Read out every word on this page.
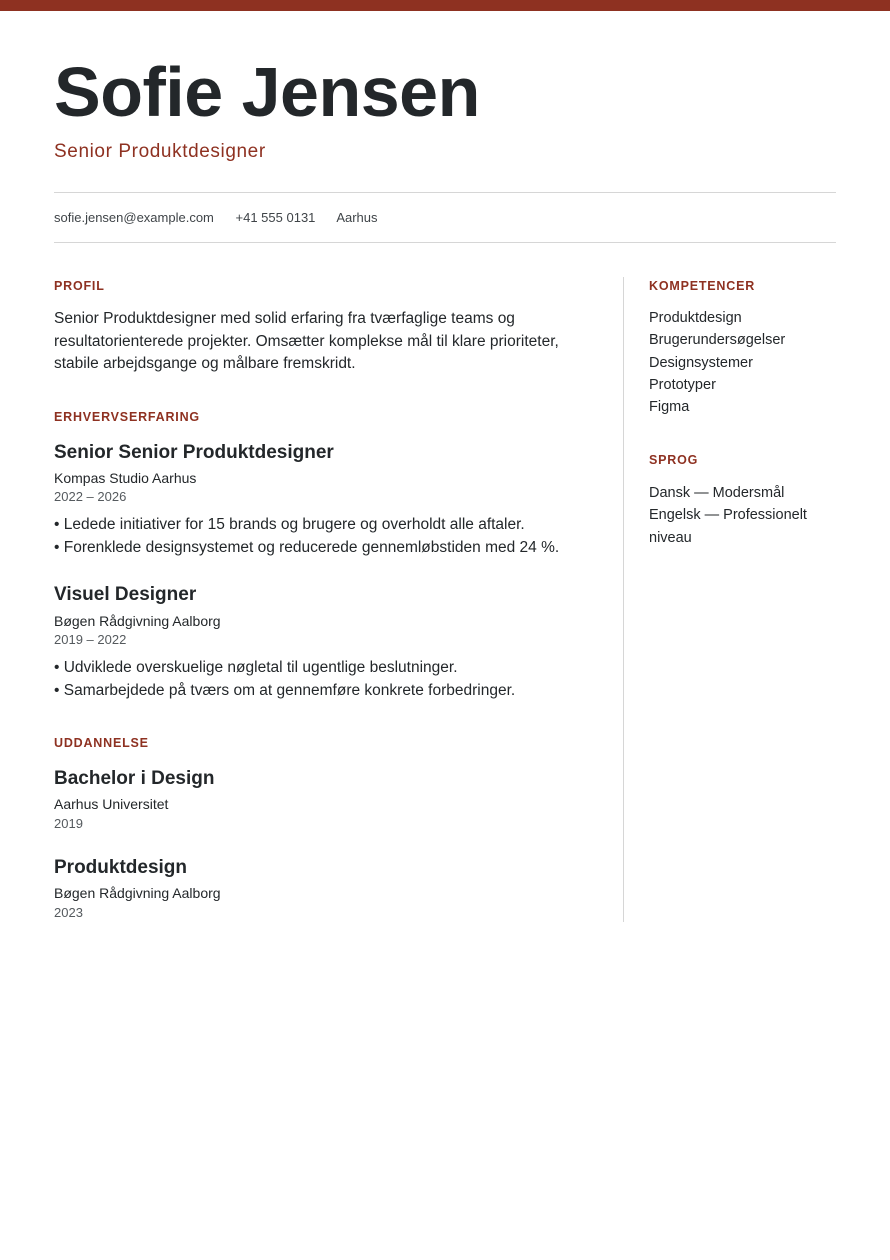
Sofie Jensen
Senior Produktdesigner
sofie.jensen@example.com +41 555 0131 Aarhus
PROFIL

Senior Produktdesigner med solid erfaring fra tværfaglige teams og resultatorienterede projekter. Omsætter komplekse mål til klare prioriteter, stabile arbejdsgange og målbare fremskridt.

ERHVERVSERFARING
Senior Senior Produktdesigner
Kompas Studio Aarhus
2022 – 2026
• Ledede initiativer for 15 brands og brugere og overholdt alle aftaler.
• Forenklede designsystemet og reducerede gennemløbstiden med 24 %.
Visuel Designer
Bøgen Rådgivning Aalborg
2019 – 2022
• Udviklede overskuelige nøgletal til ugentlige beslutninger.
• Samarbejdede på tværs om at gennemføre konkrete forbedringer.
UDDANNELSE
Bachelor i Design
Aarhus Universitet
2019
Produktdesign
Bøgen Rådgivning Aalborg
2023
KOMPETENCER
Produktdesign
Brugerundersøgelser
Designsystemer
Prototyper
Figma
SPROG
Dansk — Modersmål
Engelsk — Professionelt niveau
